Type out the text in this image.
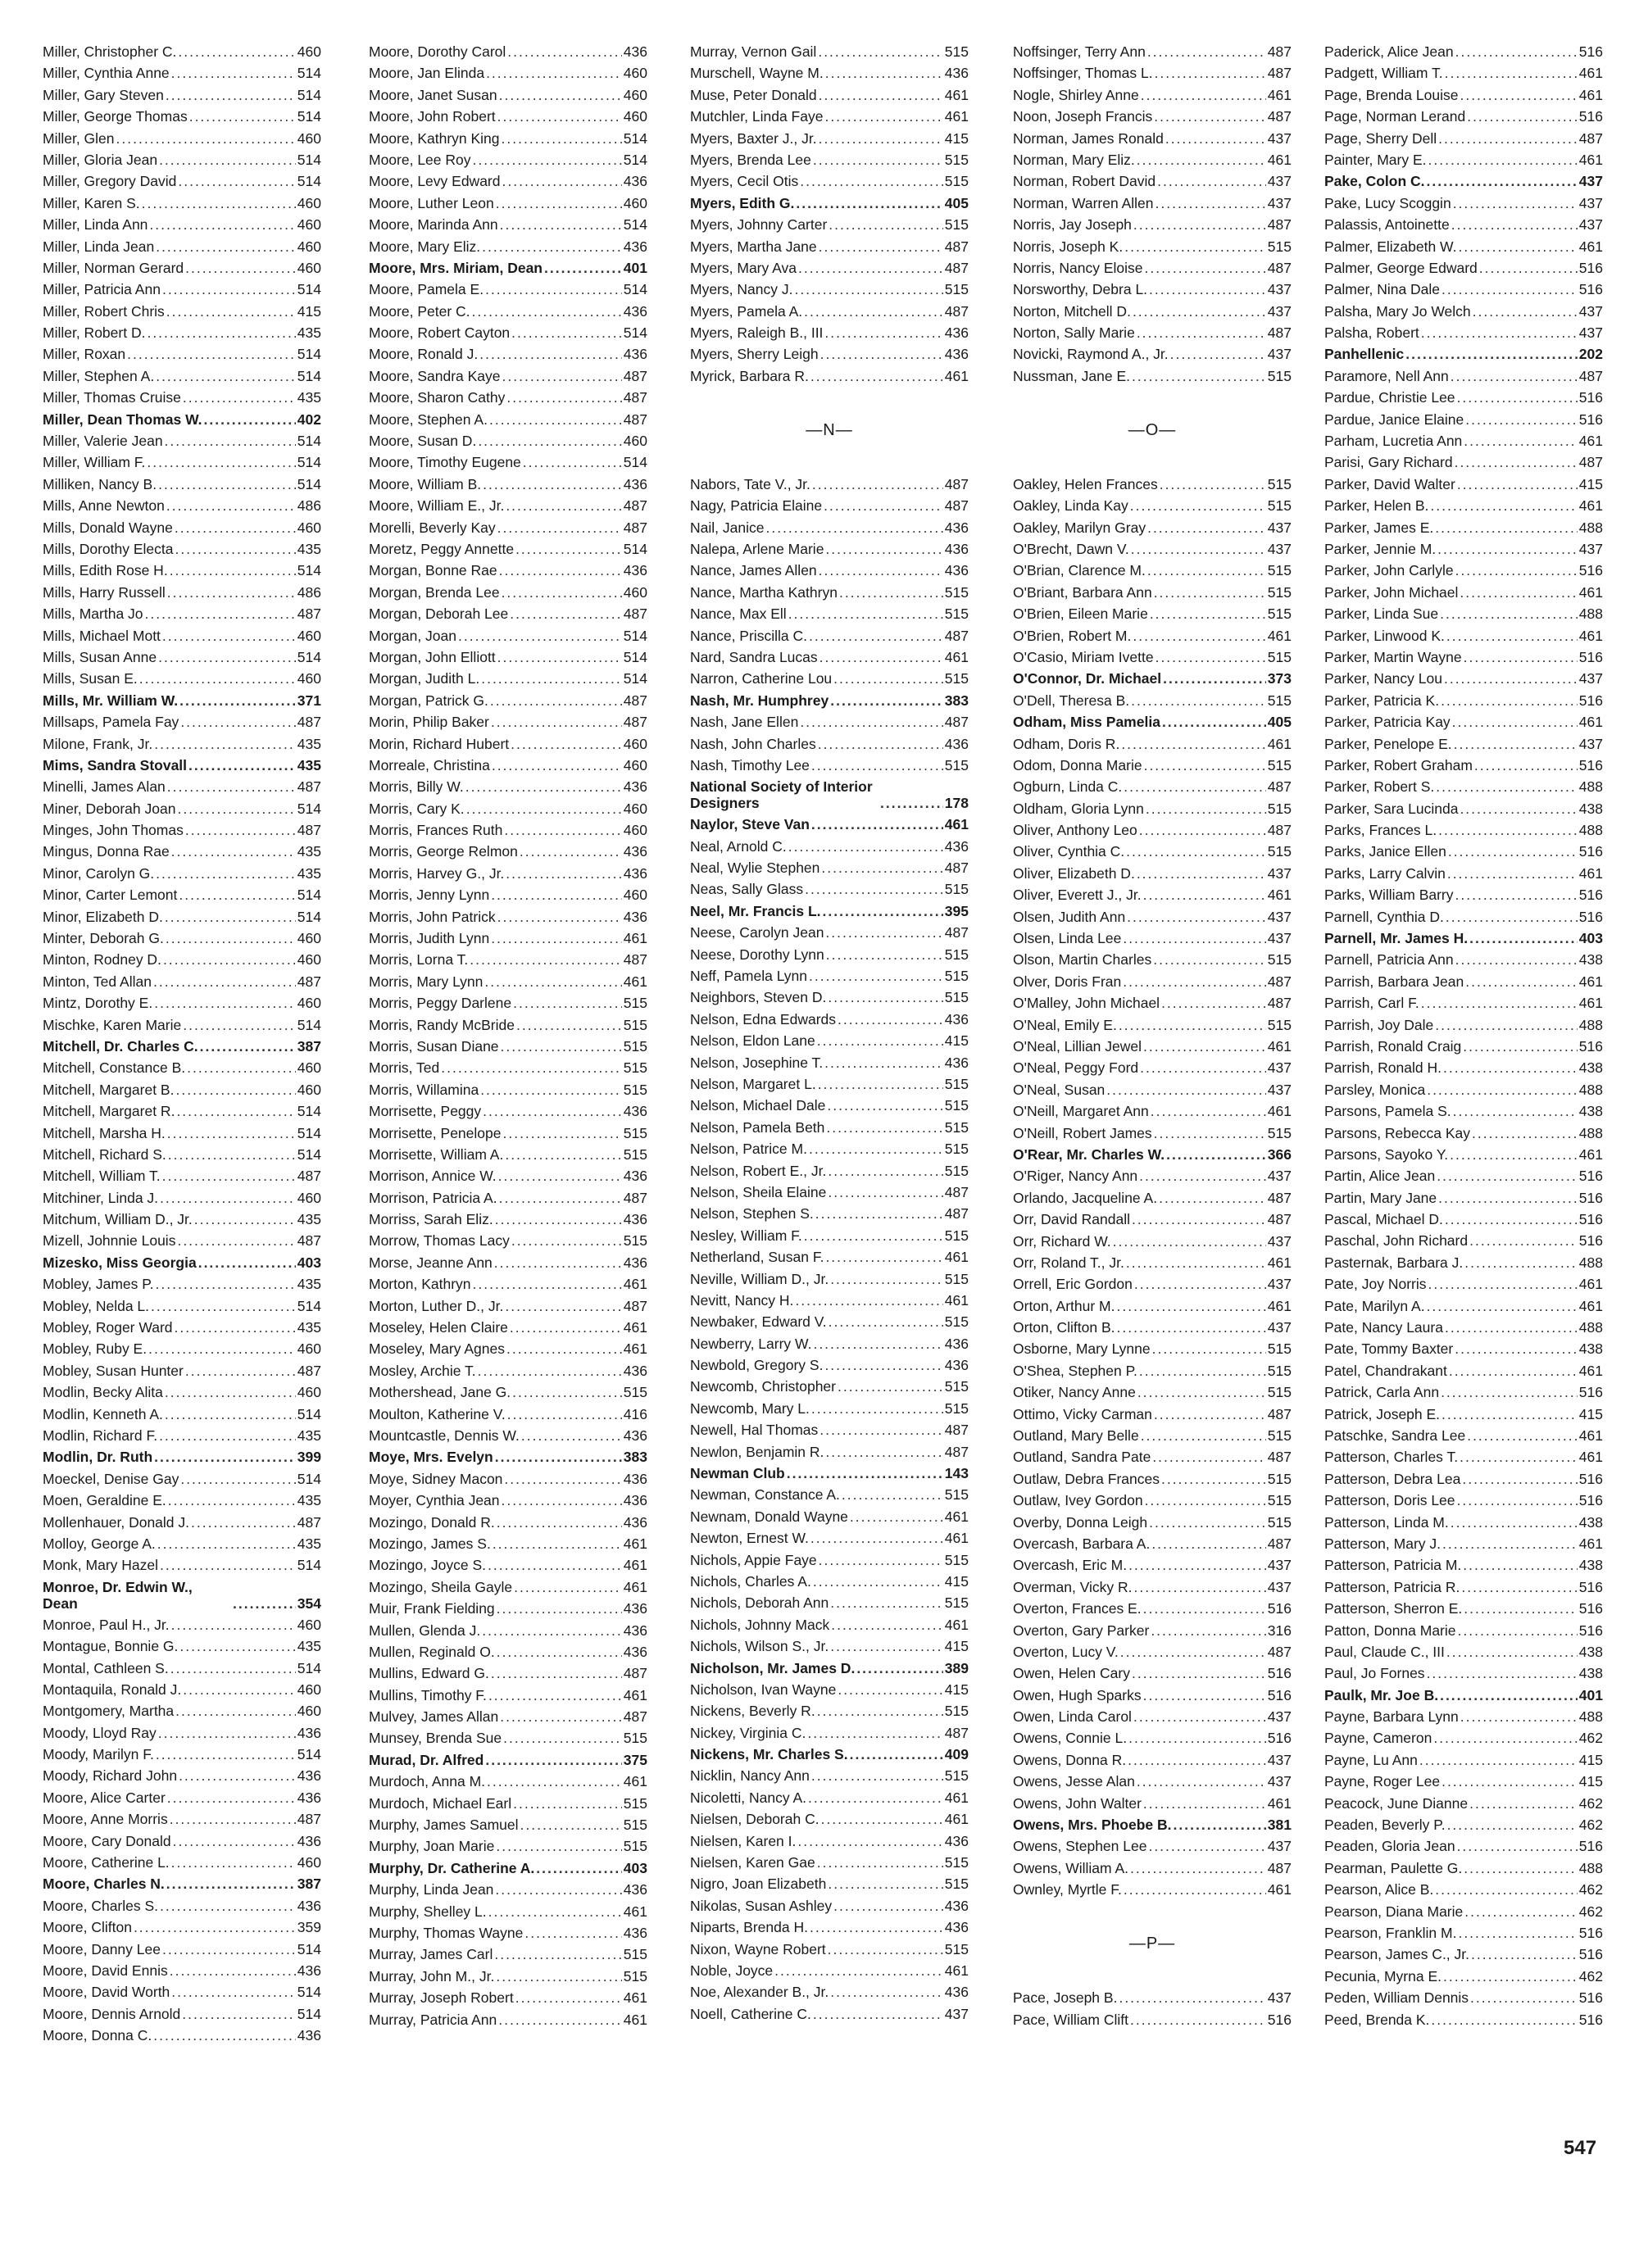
Miller, Christopher C. .....	460
Miller, Cynthia Anne .....	514
Miller, Gary Steven .....	514
Miller, George Thomas .....	514
Miller, Glen .....	460
Miller, Gloria Jean .....	514
Miller, Gregory David .....	514
Miller, Karen S. .....	460
Miller, Linda Ann .....	460
Miller, Linda Jean .....	460
Miller, Norman Gerard .....	460
Miller, Patricia Ann .....	514
Miller, Robert Chris .....	415
Miller, Robert D. .....	435
Miller, Roxan .....	514
Miller, Stephen A. .....	514
Miller, Thomas Cruise .....	435
Miller, Dean Thomas W. .....	402
Miller, Valerie Jean .....	514
Miller, William F. .....	514
Milliken, Nancy B. .....	514
Mills, Anne Newton .....	486
Mills, Donald Wayne .....	460
Mills, Dorothy Electa .....	435
Mills, Edith Rose H. .....	514
Mills, Harry Russell .....	486
Mills, Martha Jo .....	487
Mills, Michael Mott .....	460
Mills, Susan Anne .....	514
Mills, Susan E. .....	460
Mills, Mr. William W. .....	371
Millsaps, Pamela Fay .....	487
Milone, Frank, Jr. .....	435
Mims, Sandra Stovall .....	435
Minelli, James Alan .....	487
Miner, Deborah Joan .....	514
Minges, John Thomas .....	487
Mingus, Donna Rae .....	435
Minor, Carolyn G. .....	435
Minor, Carter Lemont .....	514
Minor, Elizabeth D. .....	514
Minter, Deborah G. .....	460
Minton, Rodney D. .....	460
Minton, Ted Allan .....	487
Mintz, Dorothy E. .....	460
Mischke, Karen Marie .....	514
Mitchell, Dr. Charles C. .....	387
Mitchell, Constance B. .....	460
Mitchell, Margaret B. .....	460
Mitchell, Margaret R. .....	514
Mitchell, Marsha H. .....	514
Mitchell, Richard S. .....	514
Mitchell, William T. .....	487
Mitchiner, Linda J. .....	460
Mitchum, William D., Jr. .....	435
Mizell, Johnnie Louis .....	487
Mizesko, Miss Georgia .....	403
Mobley, James P. .....	435
Mobley, Nelda L. .....	514
Mobley, Roger Ward .....	435
Mobley, Ruby E. .....	460
Mobley, Susan Hunter .....	487
Modlin, Becky Alita .....	460
Modlin, Kenneth A. .....	514
Modlin, Richard F. .....	435
Modlin, Dr. Ruth .....	399
Moeckel, Denise Gay .....	514
Moen, Geraldine E. .....	435
Mollenhauer, Donald J. .....	487
Molloy, George A. .....	435
Monk, Mary Hazel .....	514
Monroe, Dr. Edwin W., Dean .....	354
Monroe, Paul H., Jr. .....	460
Montague, Bonnie G. .....	435
Montal, Cathleen S. .....	514
Montaquila, Ronald J. .....	460
Montgomery, Martha .....	460
Moody, Lloyd Ray .....	436
Moody, Marilyn F. .....	514
Moody, Richard John .....	436
Moore, Alice Carter .....	436
Moore, Anne Morris .....	487
Moore, Cary Donald .....	436
Moore, Catherine L. .....	460
Moore, Charles N. .....	387
Moore, Charles S. .....	436
Moore, Clifton .....	359
Moore, Danny Lee .....	514
Moore, David Ennis .....	436
Moore, David Worth .....	514
Moore, Dennis Arnold .....	514
Moore, Donna C. .....	436
Moore, Dorothy Carol .....	436
Moore, Jan Elinda .....	460
Moore, Janet Susan .....	460
Moore, John Robert .....	460
Moore, Kathryn King .....	514
Moore, Lee Roy .....	514
Moore, Levy Edward .....	436
Moore, Luther Leon .....	460
Moore, Marinda Ann .....	514
Moore, Mary Eliz. .....	436
Moore, Mrs. Miriam, Dean .....	401
Moore, Pamela E. .....	514
Moore, Peter C. .....	436
Moore, Robert Cayton .....	514
Moore, Ronald J. .....	436
Moore, Sandra Kaye .....	487
Moore, Sharon Cathy .....	487
Moore, Stephen A. .....	487
Moore, Susan D. .....	460
Moore, Timothy Eugene .....	514
Moore, William B. .....	436
Moore, William E., Jr. .....	487
Morelli, Beverly Kay .....	487
Moretz, Peggy Annette .....	514
Morgan, Bonne Rae .....	436
Morgan, Brenda Lee .....	460
Morgan, Deborah Lee .....	487
Morgan, Joan .....	514
Morgan, John Elliott .....	514
Morgan, Judith L. .....	514
Morgan, Patrick G. .....	487
Morin, Philip Baker .....	487
Morin, Richard Hubert .....	460
Morreale, Christina .....	460
Morris, Billy W. .....	436
Morris, Cary K. .....	460
Morris, Frances Ruth .....	460
Morris, George Relmon .....	436
Morris, Harvey G., Jr. .....	436
Morris, Jenny Lynn .....	460
Morris, John Patrick .....	436
Morris, Judith Lynn .....	461
Morris, Lorna T. .....	487
Morris, Mary Lynn .....	461
Morris, Peggy Darlene .....	515
Morris, Randy McBride .....	515
Morris, Susan Diane .....	515
Morris, Ted .....	515
Morris, Willamina .....	515
Morrisette, Peggy .....	436
Morrisette, Penelope .....	515
Morrisette, William A. .....	515
Morrison, Annice W. .....	436
Morrison, Patricia A. .....	487
Morriss, Sarah Eliz. .....	436
Morrow, Thomas Lacy .....	515
Morse, Jeanne Ann .....	436
Morton, Kathryn .....	461
Morton, Luther D., Jr. .....	487
Moseley, Helen Claire .....	461
Moseley, Mary Agnes .....	461
Mosley, Archie T. .....	436
Mothershead, Jane G. .....	515
Moulton, Katherine V. .....	416
Mountcastle, Dennis W. .....	436
Moye, Mrs. Evelyn .....	383
Moye, Sidney Macon .....	436
Moyer, Cynthia Jean .....	436
Mozingo, Donald R. .....	436
Mozingo, James S. .....	461
Mozingo, Joyce S. .....	461
Mozingo, Sheila Gayle .....	461
Muir, Frank Fielding .....	436
Mullen, Glenda J. .....	436
Mullen, Reginald O. .....	436
Mullins, Edward G. .....	487
Mullins, Timothy F. .....	461
Mulvey, James Allan .....	487
Munsey, Brenda Sue .....	515
Murad, Dr. Alfred .....	375
Murdoch, Anna M. .....	461
Murdoch, Michael Earl .....	515
Murphy, James Samuel .....	515
Murphy, Joan Marie .....	515
Murphy, Dr. Catherine A. .....	403
Murphy, Linda Jean .....	436
Murphy, Shelley L. .....	461
Murphy, Thomas Wayne .....	436
Murray, James Carl .....	515
Murray, John M., Jr. .....	515
Murray, Joseph Robert .....	461
Murray, Patricia Ann .....	461
Murray, Vernon Gail .....	515
Murschell, Wayne M. .....	436
Muse, Peter Donald .....	461
Mutchler, Linda Faye .....	461
Myers, Baxter J., Jr. .....	415
Myers, Brenda Lee .....	515
Myers, Cecil Otis .....	515
Myers, Edith G. .....	405
Myers, Johnny Carter .....	515
Myers, Martha Jane .....	487
Myers, Mary Ava .....	487
Myers, Nancy J. .....	515
Myers, Pamela A. .....	487
Myers, Raleigh B., III .....	436
Myers, Sherry Leigh .....	436
Myrick, Barbara R. .....	461
—N—
Nabors, Tate V., Jr. .....	487
Nagy, Patricia Elaine .....	487
Nail, Janice .....	436
Nalepa, Arlene Marie .....	436
Nance, James Allen .....	436
Nance, Martha Kathryn .....	515
Nance, Max Ell .....	515
Nance, Priscilla C. .....	487
Nard, Sandra Lucas .....	461
Narron, Catherine Lou .....	515
Nash, Mr. Humphrey .....	383
Nash, Jane Ellen .....	487
Nash, John Charles .....	436
Nash, Timothy Lee .....	515
National Society of Interior Designers .....	178
Naylor, Steve Van .....	461
Neal, Arnold C. .....	436
Neal, Wylie Stephen .....	487
Neas, Sally Glass .....	515
Neel, Mr. Francis L. .....	395
Neese, Carolyn Jean .....	487
Neese, Dorothy Lynn .....	515
Neff, Pamela Lynn .....	515
Neighbors, Steven D. .....	515
Nelson, Edna Edwards .....	436
Nelson, Eldon Lane .....	415
Nelson, Josephine T. .....	436
Nelson, Margaret L. .....	515
Nelson, Michael Dale .....	515
Nelson, Pamela Beth .....	515
Nelson, Patrice M. .....	515
Nelson, Robert E., Jr. .....	515
Nelson, Sheila Elaine .....	487
Nelson, Stephen S. .....	487
Nesley, William F. .....	515
Netherland, Susan F. .....	461
Neville, William D., Jr. .....	515
Nevitt, Nancy H. .....	461
Newbaker, Edward V. .....	515
Newberry, Larry W. .....	436
Newbold, Gregory S. .....	436
Newcomb, Christopher .....	515
Newcomb, Mary L. .....	515
Newell, Hal Thomas .....	487
Newlon, Benjamin R. .....	487
Newman Club .....	143
Newman, Constance A. .....	515
Newnam, Donald Wayne .....	461
Newton, Ernest W. .....	461
Nichols, Appie Faye .....	515
Nichols, Charles A. .....	415
Nichols, Deborah Ann .....	515
Nichols, Johnny Mack .....	461
Nichols, Wilson S., Jr. .....	415
Nicholson, Mr. James D. .....	389
Nicholson, Ivan Wayne .....	415
Nickens, Beverly R. .....	515
Nickey, Virginia C. .....	487
Nickens, Mr. Charles S. .....	409
Nicklin, Nancy Ann .....	515
Nicoletti, Nancy A. .....	461
Nielsen, Deborah C. .....	461
Nielsen, Karen I. .....	436
Nielsen, Karen Gae .....	515
Nigro, Joan Elizabeth .....	515
Nikolas, Susan Ashley .....	436
Niparts, Brenda H. .....	436
Nixon, Wayne Robert .....	515
Noble, Joyce .....	461
Noe, Alexander B., Jr. .....	436
Noell, Catherine C. .....	437
Noffsinger, Terry Ann .....	487
Noffsinger, Thomas L. .....	487
Nogle, Shirley Anne .....	461
Noon, Joseph Francis .....	487
Norman, James Ronald .....	437
Norman, Mary Eliz. .....	461
Norman, Robert David .....	437
Norman, Warren Allen .....	437
Norris, Jay Joseph .....	487
Norris, Joseph K. .....	515
Norris, Nancy Eloise .....	487
Norsworthy, Debra L. .....	437
Norton, Mitchell D. .....	437
Norton, Sally Marie .....	487
Novicki, Raymond A., Jr. .....	437
Nussman, Jane E. .....	515
—O—
Oakley, Helen Frances .....	515
Oakley, Linda Kay .....	515
Oakley, Marilyn Gray .....	437
O'Brecht, Dawn V. .....	437
O'Brian, Clarence M. .....	515
O'Briant, Barbara Ann .....	515
O'Brien, Eileen Marie .....	515
O'Brien, Robert M. .....	461
O'Casio, Miriam Ivette .....	515
O'Connor, Dr. Michael .....	373
O'Dell, Theresa B. .....	515
Odham, Miss Pamelia .....	405
Odham, Doris R. .....	461
Odom, Donna Marie .....	515
Ogburn, Linda C. .....	487
Oldham, Gloria Lynn .....	515
Oliver, Anthony Leo .....	487
Oliver, Cynthia C. .....	515
Oliver, Elizabeth D. .....	437
Oliver, Everett J., Jr. .....	461
Olsen, Judith Ann .....	437
Olsen, Linda Lee .....	437
Olson, Martin Charles .....	515
Olver, Doris Fran .....	487
O'Malley, John Michael .....	487
O'Neal, Emily E. .....	515
O'Neal, Lillian Jewel .....	461
O'Neal, Peggy Ford .....	437
O'Neal, Susan .....	437
O'Neill, Margaret Ann .....	461
O'Neill, Robert James .....	515
O'Rear, Mr. Charles W. .....	366
O'Riger, Nancy Ann .....	437
Orlando, Jacqueline A. .....	487
Orr, David Randall .....	487
Orr, Richard W. .....	437
Orr, Roland T., Jr. .....	461
Orrell, Eric Gordon .....	437
Orton, Arthur M. .....	461
Orton, Clifton B. .....	437
Osborne, Mary Lynne .....	515
O'Shea, Stephen P. .....	515
Otiker, Nancy Anne .....	515
Ottimo, Vicky Carman .....	487
Outland, Mary Belle .....	515
Outland, Sandra Pate .....	487
Outlaw, Debra Frances .....	515
Outlaw, Ivey Gordon .....	515
Overby, Donna Leigh .....	515
Overcash, Barbara A. .....	487
Overcash, Eric M. .....	437
Overman, Vicky R. .....	437
Overton, Frances E. .....	516
Overton, Gary Parker .....	316
Overton, Lucy V. .....	487
Owen, Helen Cary .....	516
Owen, Hugh Sparks .....	516
Owen, Linda Carol .....	437
Owens, Connie L. .....	516
Owens, Donna R. .....	437
Owens, Jesse Alan .....	437
Owens, John Walter .....	461
Owens, Mrs. Phoebe B. .....	381
Owens, Stephen Lee .....	437
Owens, William A. .....	487
Ownley, Myrtle F. .....	461
—P—
Pace, Joseph B. .....	437
Pace, William Clift .....	516
Paderick, Alice Jean .....	516
Padgett, William T. .....	461
Page, Brenda Louise .....	461
Page, Norman Lerand .....	516
Page, Sherry Dell .....	487
Painter, Mary E. .....	461
Pake, Colon C. .....	437
Pake, Lucy Scoggin .....	437
Palassis, Antoinette .....	437
Palmer, Elizabeth W. .....	461
Palmer, George Edward .....	516
Palmer, Nina Dale .....	516
Palsha, Mary Jo Welch .....	437
Palsha, Robert .....	437
Panhellenic .....	202
Paramore, Nell Ann .....	487
Pardue, Christie Lee .....	516
Pardue, Janice Elaine .....	516
Parham, Lucretia Ann .....	461
Parisi, Gary Richard .....	487
Parker, David Walter .....	415
Parker, Helen B. .....	461
Parker, James E. .....	488
Parker, Jennie M. .....	437
Parker, John Carlyle .....	516
Parker, John Michael .....	461
Parker, Linda Sue .....	488
Parker, Linwood K. .....	461
Parker, Martin Wayne .....	516
Parker, Nancy Lou .....	437
Parker, Patricia K. .....	516
Parker, Patricia Kay .....	461
Parker, Penelope E. .....	437
Parker, Robert Graham .....	516
Parker, Robert S. .....	488
Parker, Sara Lucinda .....	438
Parks, Frances L. .....	488
Parks, Janice Ellen .....	516
Parks, Larry Calvin .....	461
Parks, William Barry .....	516
Parnell, Cynthia D. .....	516
Parnell, Mr. James H. .....	403
Parnell, Patricia Ann .....	438
Parrish, Barbara Jean .....	461
Parrish, Carl F. .....	461
Parrish, Joy Dale .....	488
Parrish, Ronald Craig .....	516
Parrish, Ronald H. .....	438
Parsley, Monica .....	488
Parsons, Pamela S. .....	438
Parsons, Rebecca Kay .....	488
Parsons, Sayoko Y. .....	461
Partin, Alice Jean .....	516
Partin, Mary Jane .....	516
Pascal, Michael D. .....	516
Paschal, John Richard .....	516
Pasternak, Barbara J. .....	488
Pate, Joy Norris .....	461
Pate, Marilyn A. .....	461
Pate, Nancy Laura .....	488
Pate, Tommy Baxter .....	438
Patel, Chandrakant .....	461
Patrick, Carla Ann .....	516
Patrick, Joseph E. .....	415
Patschke, Sandra Lee .....	461
Patterson, Charles T. .....	461
Patterson, Debra Lea .....	516
Patterson, Doris Lee .....	516
Patterson, Linda M. .....	438
Patterson, Mary J. .....	461
Patterson, Patricia M. .....	438
Patterson, Patricia R. .....	516
Patterson, Sherron E. .....	516
Patton, Donna Marie .....	516
Paul, Claude C., III .....	438
Paul, Jo Fornes .....	438
Paulk, Mr. Joe B. .....	401
Payne, Barbara Lynn .....	488
Payne, Cameron .....	462
Payne, Lu Ann .....	415
Payne, Roger Lee .....	415
Peacock, June Dianne .....	462
Peaden, Beverly P. .....	462
Peaden, Gloria Jean .....	516
Pearman, Paulette G. .....	488
Pearson, Alice B. .....	462
Pearson, Diana Marie .....	462
Pearson, Franklin M. .....	516
Pearson, James C., Jr. .....	516
Pecunia, Myrna E. .....	462
Peden, William Dennis .....	516
Peed, Brenda K. .....	516
547
